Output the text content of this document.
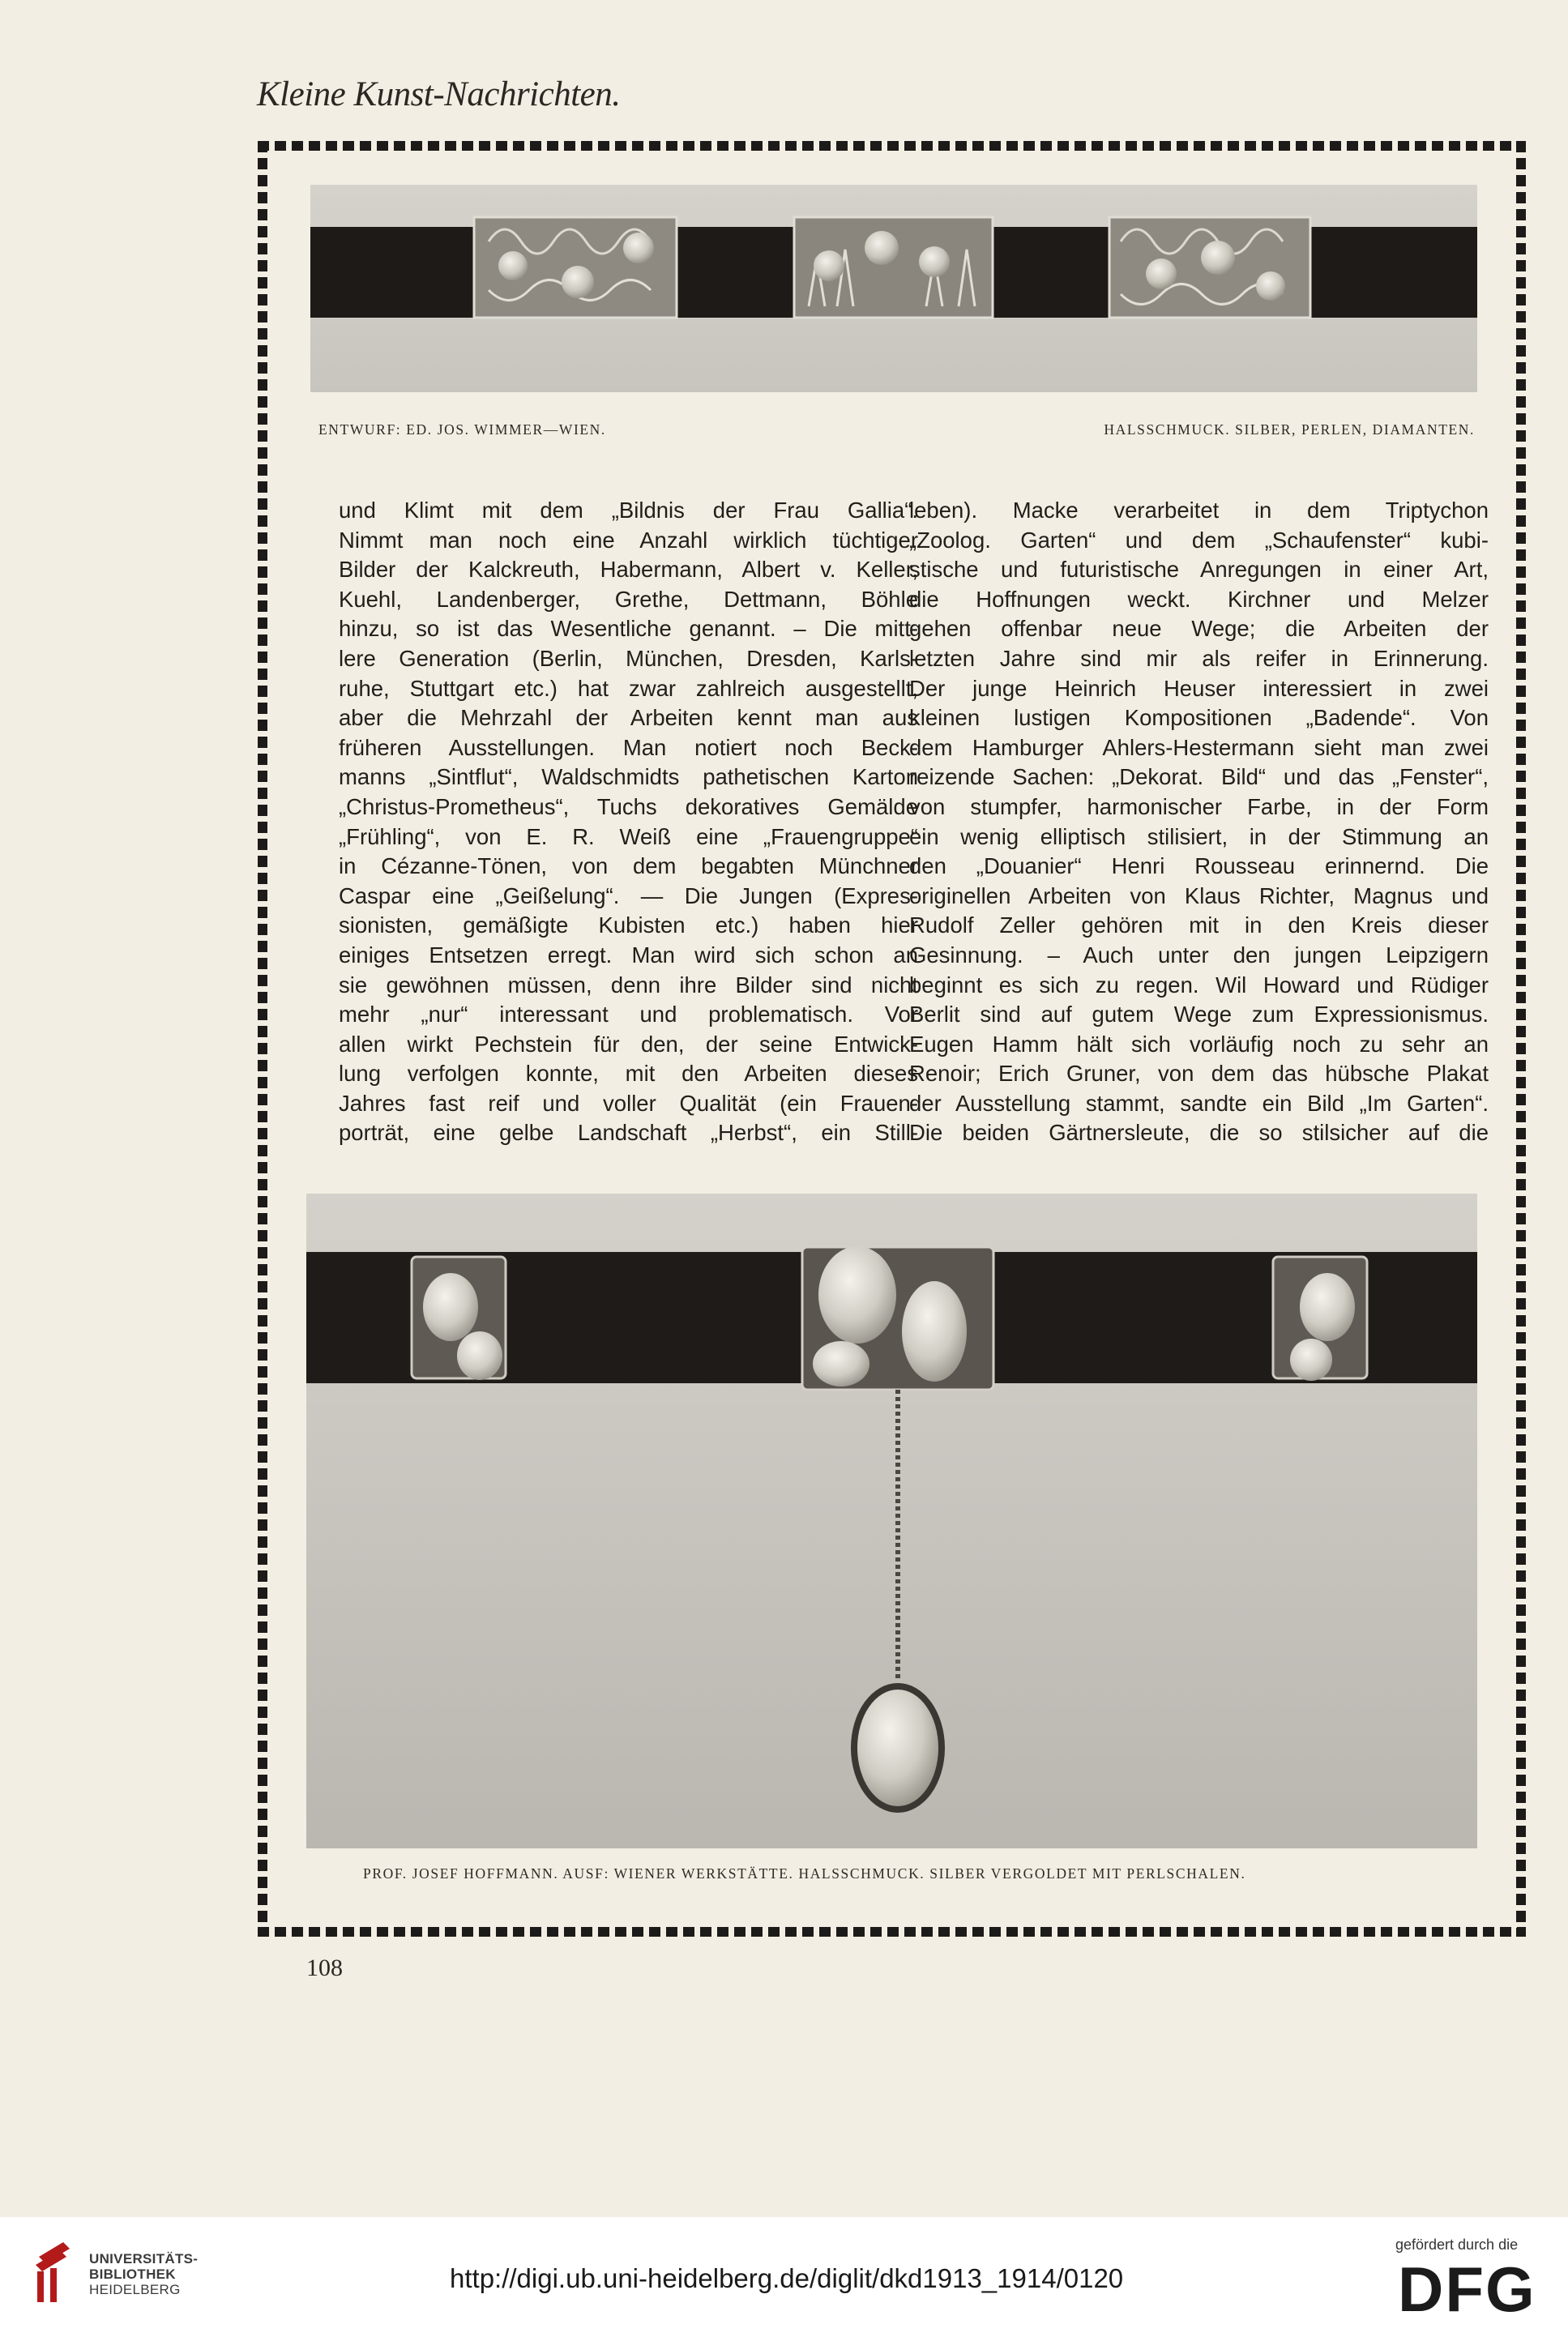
Kleine Kunst-Nachrichten.
ENTWURF: ED. JOS. WIMMER—WIEN.	HALSSCHMUCK. SILBER, PERLEN, DIAMANTEN.
und Klimt mit dem „Bildnis der Frau Gallia“.
Nimmt man noch eine Anzahl wirklich tüchtiger
Bilder der Kalckreuth, Habermann, Albert v. Keller,
Kuehl, Landenberger, Grethe, Dettmann, Böhle
hinzu, so ist das Wesentliche genannt. – Die mitt-
lere Generation (Berlin, München, Dresden, Karls-
ruhe, Stuttgart etc.) hat zwar zahlreich ausgestellt,
aber die Mehrzahl der Arbeiten kennt man aus
früheren Ausstellungen. Man notiert noch Beck-
manns „Sintflut“, Waldschmidts pathetischen Karton
„Christus-Prometheus“, Tuchs dekoratives Gemälde
„Frühling“, von E. R. Weiß eine „Frauengruppe“
in Cézanne-Tönen, von dem begabten Münchner
Caspar eine „Geißelung“. — Die Jungen (Expres-
sionisten, gemäßigte Kubisten etc.) haben hier
einiges Entsetzen erregt. Man wird sich schon an
sie gewöhnen müssen, denn ihre Bilder sind nicht
mehr „nur“ interessant und problematisch. Vor
allen wirkt Pechstein für den, der seine Entwick-
lung verfolgen konnte, mit den Arbeiten dieses
Jahres fast reif und voller Qualität (ein Frauen-
porträt, eine gelbe Landschaft „Herbst“, ein Still-
leben). Macke verarbeitet in dem Triptychon
„Zoolog. Garten“ und dem „Schaufenster“ kubi-
stische und futuristische Anregungen in einer Art,
die Hoffnungen weckt. Kirchner und Melzer
gehen offenbar neue Wege; die Arbeiten der
letzten Jahre sind mir als reifer in Erinnerung.
Der junge Heinrich Heuser interessiert in zwei
kleinen lustigen Kompositionen „Badende“. Von
dem Hamburger Ahlers-Hestermann sieht man zwei
reizende Sachen: „Dekorat. Bild“ und das „Fenster“,
von stumpfer, harmonischer Farbe, in der Form
ein wenig elliptisch stilisiert, in der Stimmung an
den „Douanier“ Henri Rousseau erinnernd. Die
originellen Arbeiten von Klaus Richter, Magnus und
Rudolf Zeller gehören mit in den Kreis dieser
Gesinnung. – Auch unter den jungen Leipzigern
beginnt es sich zu regen. Wil Howard und Rüdiger
Berlit sind auf gutem Wege zum Expressionismus.
Eugen Hamm hält sich vorläufig noch zu sehr an
Renoir; Erich Gruner, von dem das hübsche Plakat
der Ausstellung stammt, sandte ein Bild „Im Garten“.
Die beiden Gärtnersleute, die so stilsicher auf die
PROF. JOSEF HOFFMANN. AUSF: WIENER WERKSTÄTTE. HALSSCHMUCK. SILBER VERGOLDET MIT PERLSCHALEN.
108
UNIVERSITÄTS-
BIBLIOTHEK
HEIDELBERG	http://digi.ub.uni-heidelberg.de/diglit/dkd1913_1914/0120
gefördert durch die
DFG
